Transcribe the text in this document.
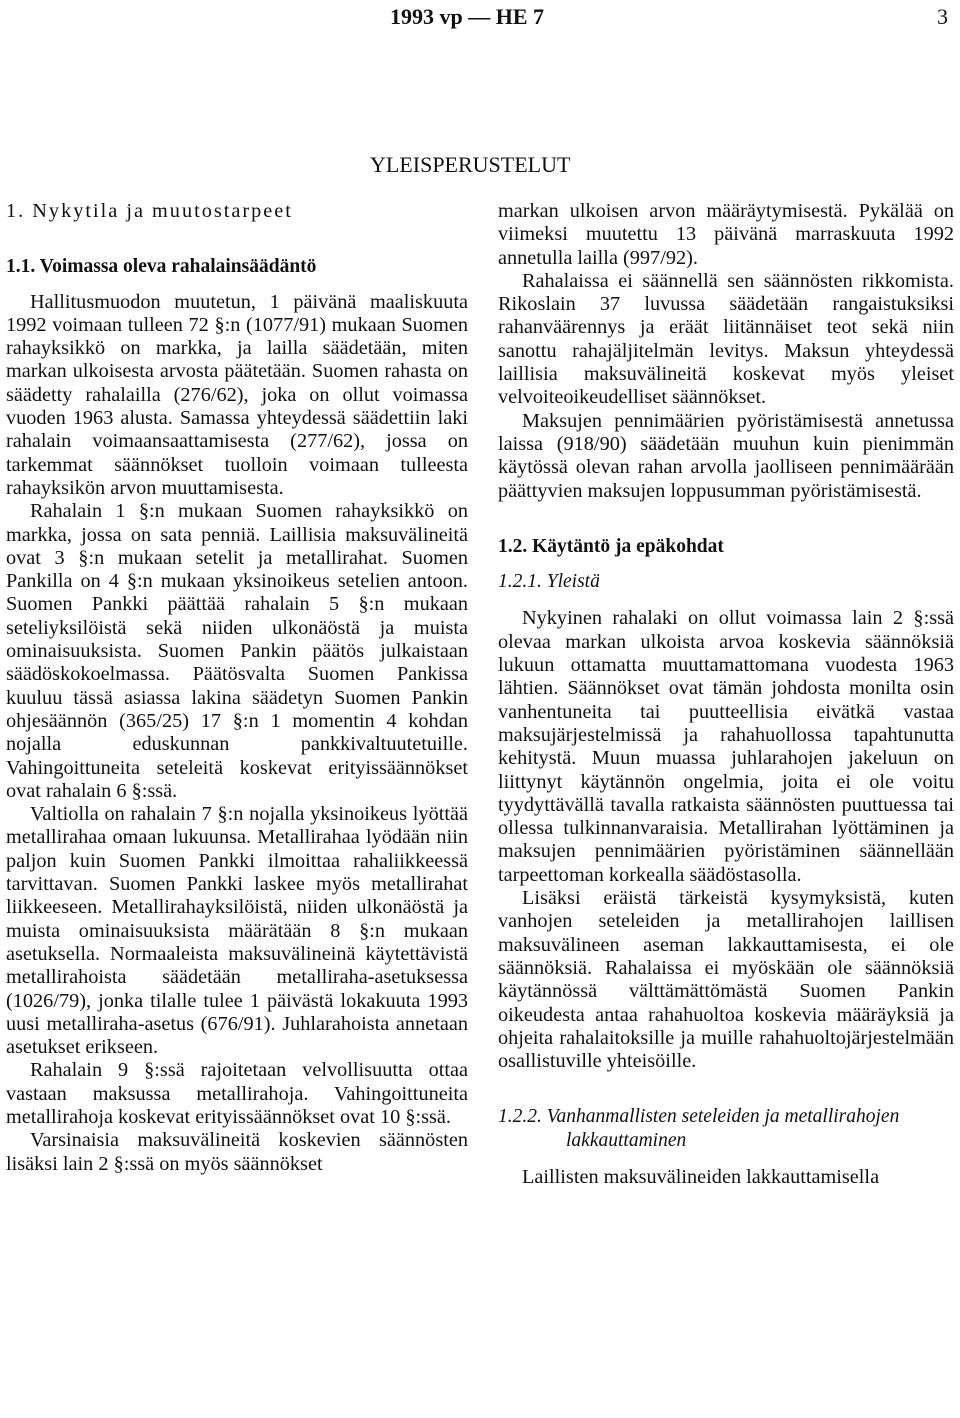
1993 vp — HE 7	3
YLEISPERUSTELUT
1. Nykytila ja muutostarpeet
1.1. Voimassa oleva rahalainsäädäntö

Hallitusmuodon muutetun, 1 päivänä maaliskuuta 1992 voimaan tulleen 72 §:n (1077/91) mukaan Suomen rahayksikkö on markka, ja lailla säädetään, miten markan ulkoisesta arvosta päätetään. Suomen rahasta on säädetty rahalailla (276/62), joka on ollut voimassa vuoden 1963 alusta. Samassa yhteydessä säädettiin laki rahalain voimaansaattamisesta (277/62), jossa on tarkemmat säännökset tuolloin voimaan tulleesta rahayksikön arvon muuttamisesta.

Rahalain 1 §:n mukaan Suomen rahayksikkö on markka, jossa on sata penniä. Laillisia maksuvälineitä ovat 3 §:n mukaan setelit ja metallirahat. Suomen Pankilla on 4 §:n mukaan yksinoikeus setelien antoon. Suomen Pankki päättää rahalain 5 §:n mukaan seteliyksilöistä sekä niiden ulkonäöstä ja muista ominaisuuksista. Suomen Pankin päätös julkaistaan säädöskokoelmassa. Päätösvalta Suomen Pankissa kuuluu tässä asiassa lakina säädetyn Suomen Pankin ohjesäännön (365/25) 17 §:n 1 momentin 4 kohdan nojalla eduskunnan pankkivaltuutetuille. Vahingoittuneita seteleitä koskevat erityissäännökset ovat rahalain 6 §:ssä.

Valtiolla on rahalain 7 §:n nojalla yksinoikeus lyöttää metallirahaa omaan lukuunsa. Metallirahaa lyödään niin paljon kuin Suomen Pankki ilmoittaa rahaliikkeessä tarvittavan. Suomen Pankki laskee myös metallirahat liikkeeseen. Metallirahayksilöistä, niiden ulkonäöstä ja muista ominaisuuksista määrätään 8 §:n mukaan asetuksella. Normaaleista maksuvälineinä käytettävistä metallirahoista säädetään metalliraha-asetuksessa (1026/79), jonka tilalle tulee 1 päivästä lokakuuta 1993 uusi metalliraha-asetus (676/91). Juhlarahoista annetaan asetukset erikseen.

Rahalain 9 §:ssä rajoitetaan velvollisuutta ottaa vastaan maksussa metallirahoja. Vahingoittuneita metallirahoja koskevat erityissäännökset ovat 10 §:ssä.

Varsinaisia maksuvälineitä koskevien säännösten lisäksi lain 2 §:ssä on myös säännökset

markan ulkoisen arvon määräytymisestä. Pykälää on viimeksi muutettu 13 päivänä marraskuuta 1992 annetulla lailla (997/92).

Rahalaissa ei säännellä sen säännösten rikkomista. Rikoslain 37 luvussa säädetään rangaistuksiksi rahanväärennys ja eräät liitännäiset teot sekä niin sanottu rahajäljitelmän levitys. Maksun yhteydessä laillisia maksuvälineitä koskevat myös yleiset velvoiteoikeudelliset säännökset.

Maksujen pennimäärien pyöristämisestä annetussa laissa (918/90) säädetään muuhun kuin pienimmän käytössä olevan rahan arvolla jaolliseen pennimäärään päättyvien maksujen loppusumman pyöristämisestä.

1.2. Käytäntö ja epäkohdat
1.2.1. Yleistä

Nykyinen rahalaki on ollut voimassa lain 2 §:ssä olevaa markan ulkoista arvoa koskevia säännöksiä lukuun ottamatta muuttamattomana vuodesta 1963 lähtien. Säännökset ovat tämän johdosta monilta osin vanhentuneita tai puutteellisia eivätkä vastaa maksujärjestelmissä ja rahahuollossa tapahtunutta kehitystä. Muun muassa juhlarahojen jakeluun on liittynyt käytännön ongelmia, joita ei ole voitu tyydyttävällä tavalla ratkaista säännösten puuttuessa tai ollessa tulkinnanvaraisia. Metallirahan lyöttäminen ja maksujen pennimäärien pyöristäminen säännellään tarpeettoman korkealla säädöstasolla.

Lisäksi eräistä tärkeistä kysymyksistä, kuten vanhojen seteleiden ja metallirahojen laillisen maksuvälineen aseman lakkauttamisesta, ei ole säännöksiä. Rahalaissa ei myöskään ole säännöksiä käytännössä välttämättömästä Suomen Pankin oikeudesta antaa rahahuoltoa koskevia määräyksiä ja ohjeita rahalaitoksille ja muille rahahuoltojärjestelmään osallistuville yhteisöille.

1.2.2. Vanhanmallisten seteleiden ja metallirahojen lakkauttaminen

Laillisten maksuvälineiden lakkauttamisella
